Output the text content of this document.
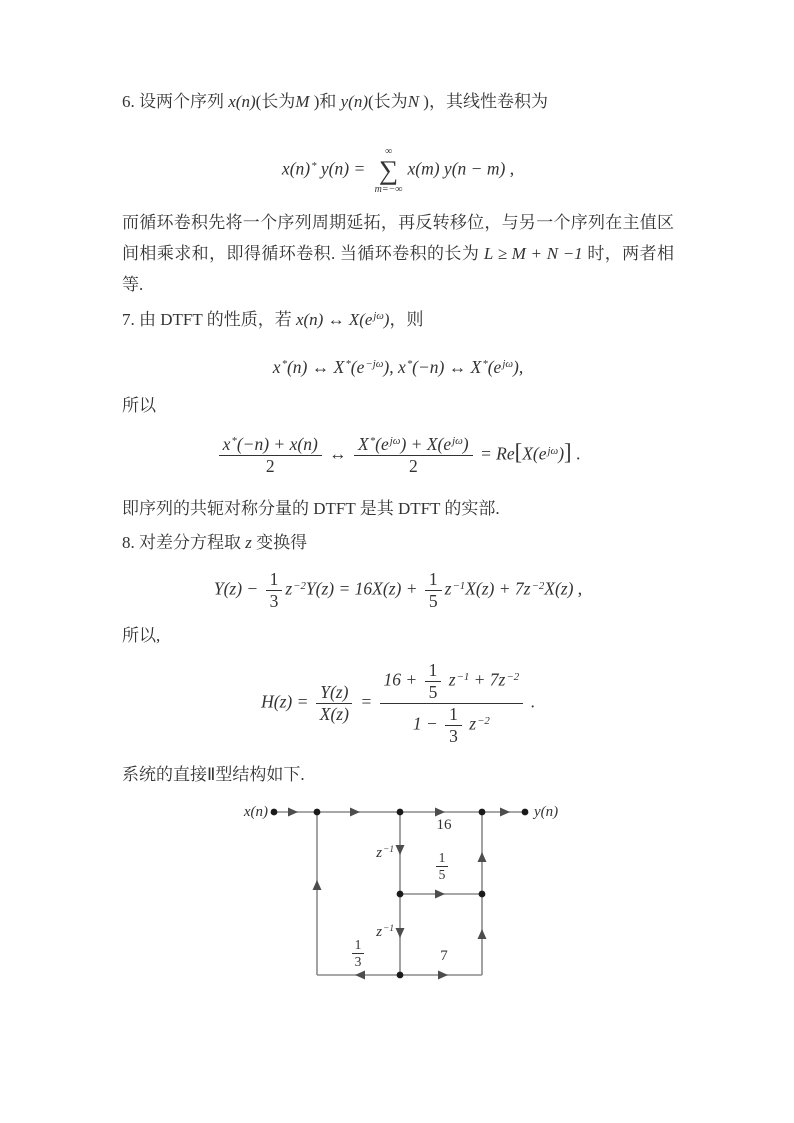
6. 设两个序列 x(n)(长为M )和 y(n)(长为N )，其线性卷积为

x(n)* y(n) =
∞
∑
m=−∞
x(m) y(n − m) ,

而循环卷积先将一个序列周期延拓，再反转移位，与另一个序列在主值区间相乘求和，即得循环卷积. 当循环卷积的长为 L ≥ M + N −1 时，两者相等.

7. 由 DTFT 的性质，若 x(n) ↔ $X(e^{j\omega})$，则

x*(n) ↔ $X^*(e^{-j\omega})$, x*(−n) ↔ $X^*(e^{j\omega})$,

所以

$\frac{x^*(-n) + x(n)}{2}$ ↔ $\frac{X^*(e^{j\omega}) + X(e^{j\omega})}{2} = Re[X(e^{j\omega})]$ .

即序列的共轭对称分量的 DTFT 是其 DTFT 的实部.

8. 对差分方程取 z 变换得

$Y(z) - \frac{1}{3} z^{-2}Y(z) = 16X(z) + \frac{1}{5} z^{-1}X(z) + 7z^{-2}X(z)$ ,

所以,

$H(z) = \frac{Y(z)}{X(z)} = \frac{16 + \frac{1}{5} z^{-1} + 7z^{-2}}{1 - \frac{1}{3} z^{-2}}$ .

系统的直接Ⅱ型结构如下.

x(n)	y(n)
16
$z^{-1}$
$\frac{1}{5}$
$z^{-1}$
$\frac{1}{3}$	7
